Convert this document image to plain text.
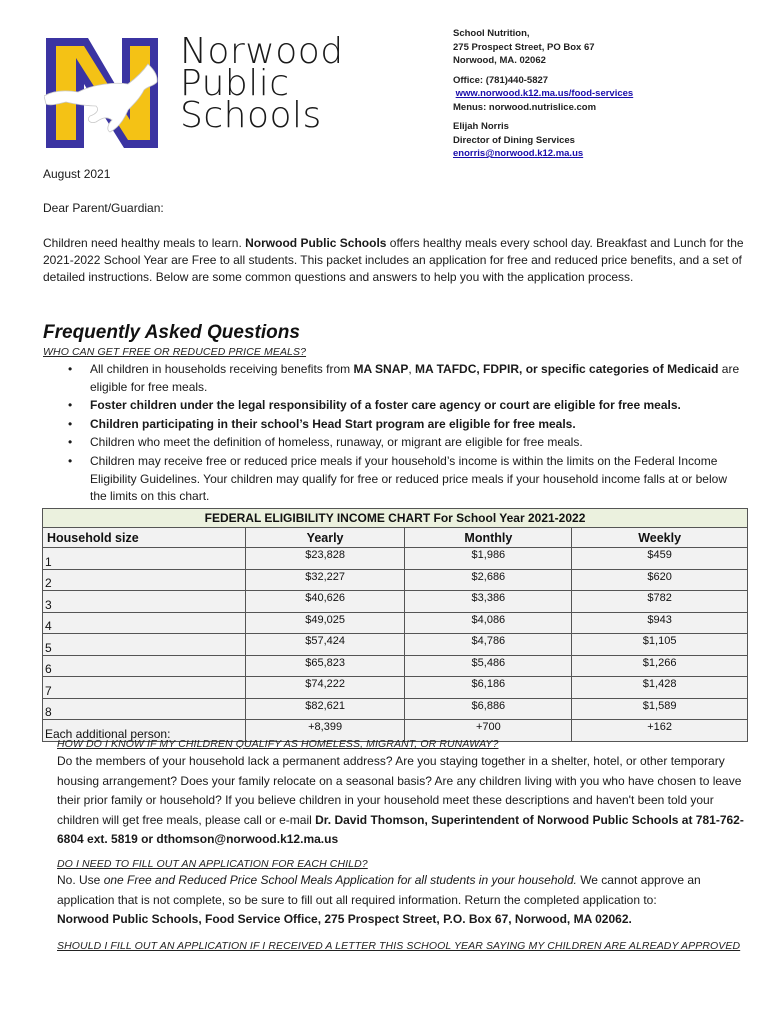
Norwood
Public
Schools
School Nutrition,
275 Prospect Street, PO Box 67
Norwood, MA. 02062
Office: (781)440-5827
www.norwood.k12.ma.us/food-services
Menus: norwood.nutrislice.com
Elijah Norris
Director of Dining Services
enorris@norwood.k12.ma.us
August 2021
Dear Parent/Guardian:
Children need healthy meals to learn. Norwood Public Schools offers healthy meals every school day. Breakfast and Lunch for the 2021-2022 School Year are Free to all students. This packet includes an application for free and reduced price benefits, and a set of detailed instructions. Below are some common questions and answers to help you with the application process.
Frequently Asked Questions
WHO CAN GET FREE OR REDUCED PRICE MEALS?
• All children in households receiving benefits from MA SNAP, MA TAFDC, FDPIR, or specific categories of Medicaid are eligible for free meals.
• Foster children under the legal responsibility of a foster care agency or court are eligible for free meals.
• Children participating in their school’s Head Start program are eligible for free meals.
• Children who meet the definition of homeless, runaway, or migrant are eligible for free meals.
• Children may receive free or reduced price meals if your household’s income is within the limits on the Federal Income Eligibility Guidelines. Your children may qualify for free or reduced price meals if your household income falls at or below the limits on this chart.
FEDERAL ELIGIBILITY INCOME CHART For School Year 2021-2022			
Household size	Yearly	Monthly	Weekly
1	$23,828	$1,986	$459
2	$32,227	$2,686	$620
3	$40,626	$3,386	$782
4	$49,025	$4,086	$943
5	$57,424	$4,786	$1,105
6	$65,823	$5,486	$1,266
7	$74,222	$6,186	$1,428
8	$82,621	$6,886	$1,589
Each additional person:	+8,399	+700	+162
HOW DO I KNOW IF MY CHILDREN QUALIFY AS HOMELESS, MIGRANT, OR RUNAWAY?
Do the members of your household lack a permanent address? Are you staying together in a shelter, hotel, or other temporary housing arrangement? Does your family relocate on a seasonal basis? Are any children living with you who have chosen to leave their prior family or household? If you believe children in your household meet these descriptions and haven't been told your children will get free meals, please call or e-mail Dr. David Thomson, Superintendent of Norwood Public Schools at 781-762-6804 ext. 5819 or dthomson@norwood.k12.ma.us
DO I NEED TO FILL OUT AN APPLICATION FOR EACH CHILD?
No. Use one Free and Reduced Price School Meals Application for all students in your household. We cannot approve an application that is not complete, so be sure to fill out all required information. Return the completed application to:
Norwood Public Schools, Food Service Office, 275 Prospect Street, P.O. Box 67, Norwood, MA 02062.
SHOULD I FILL OUT AN APPLICATION IF I RECEIVED A LETTER THIS SCHOOL YEAR SAYING MY CHILDREN ARE ALREADY APPROVED
